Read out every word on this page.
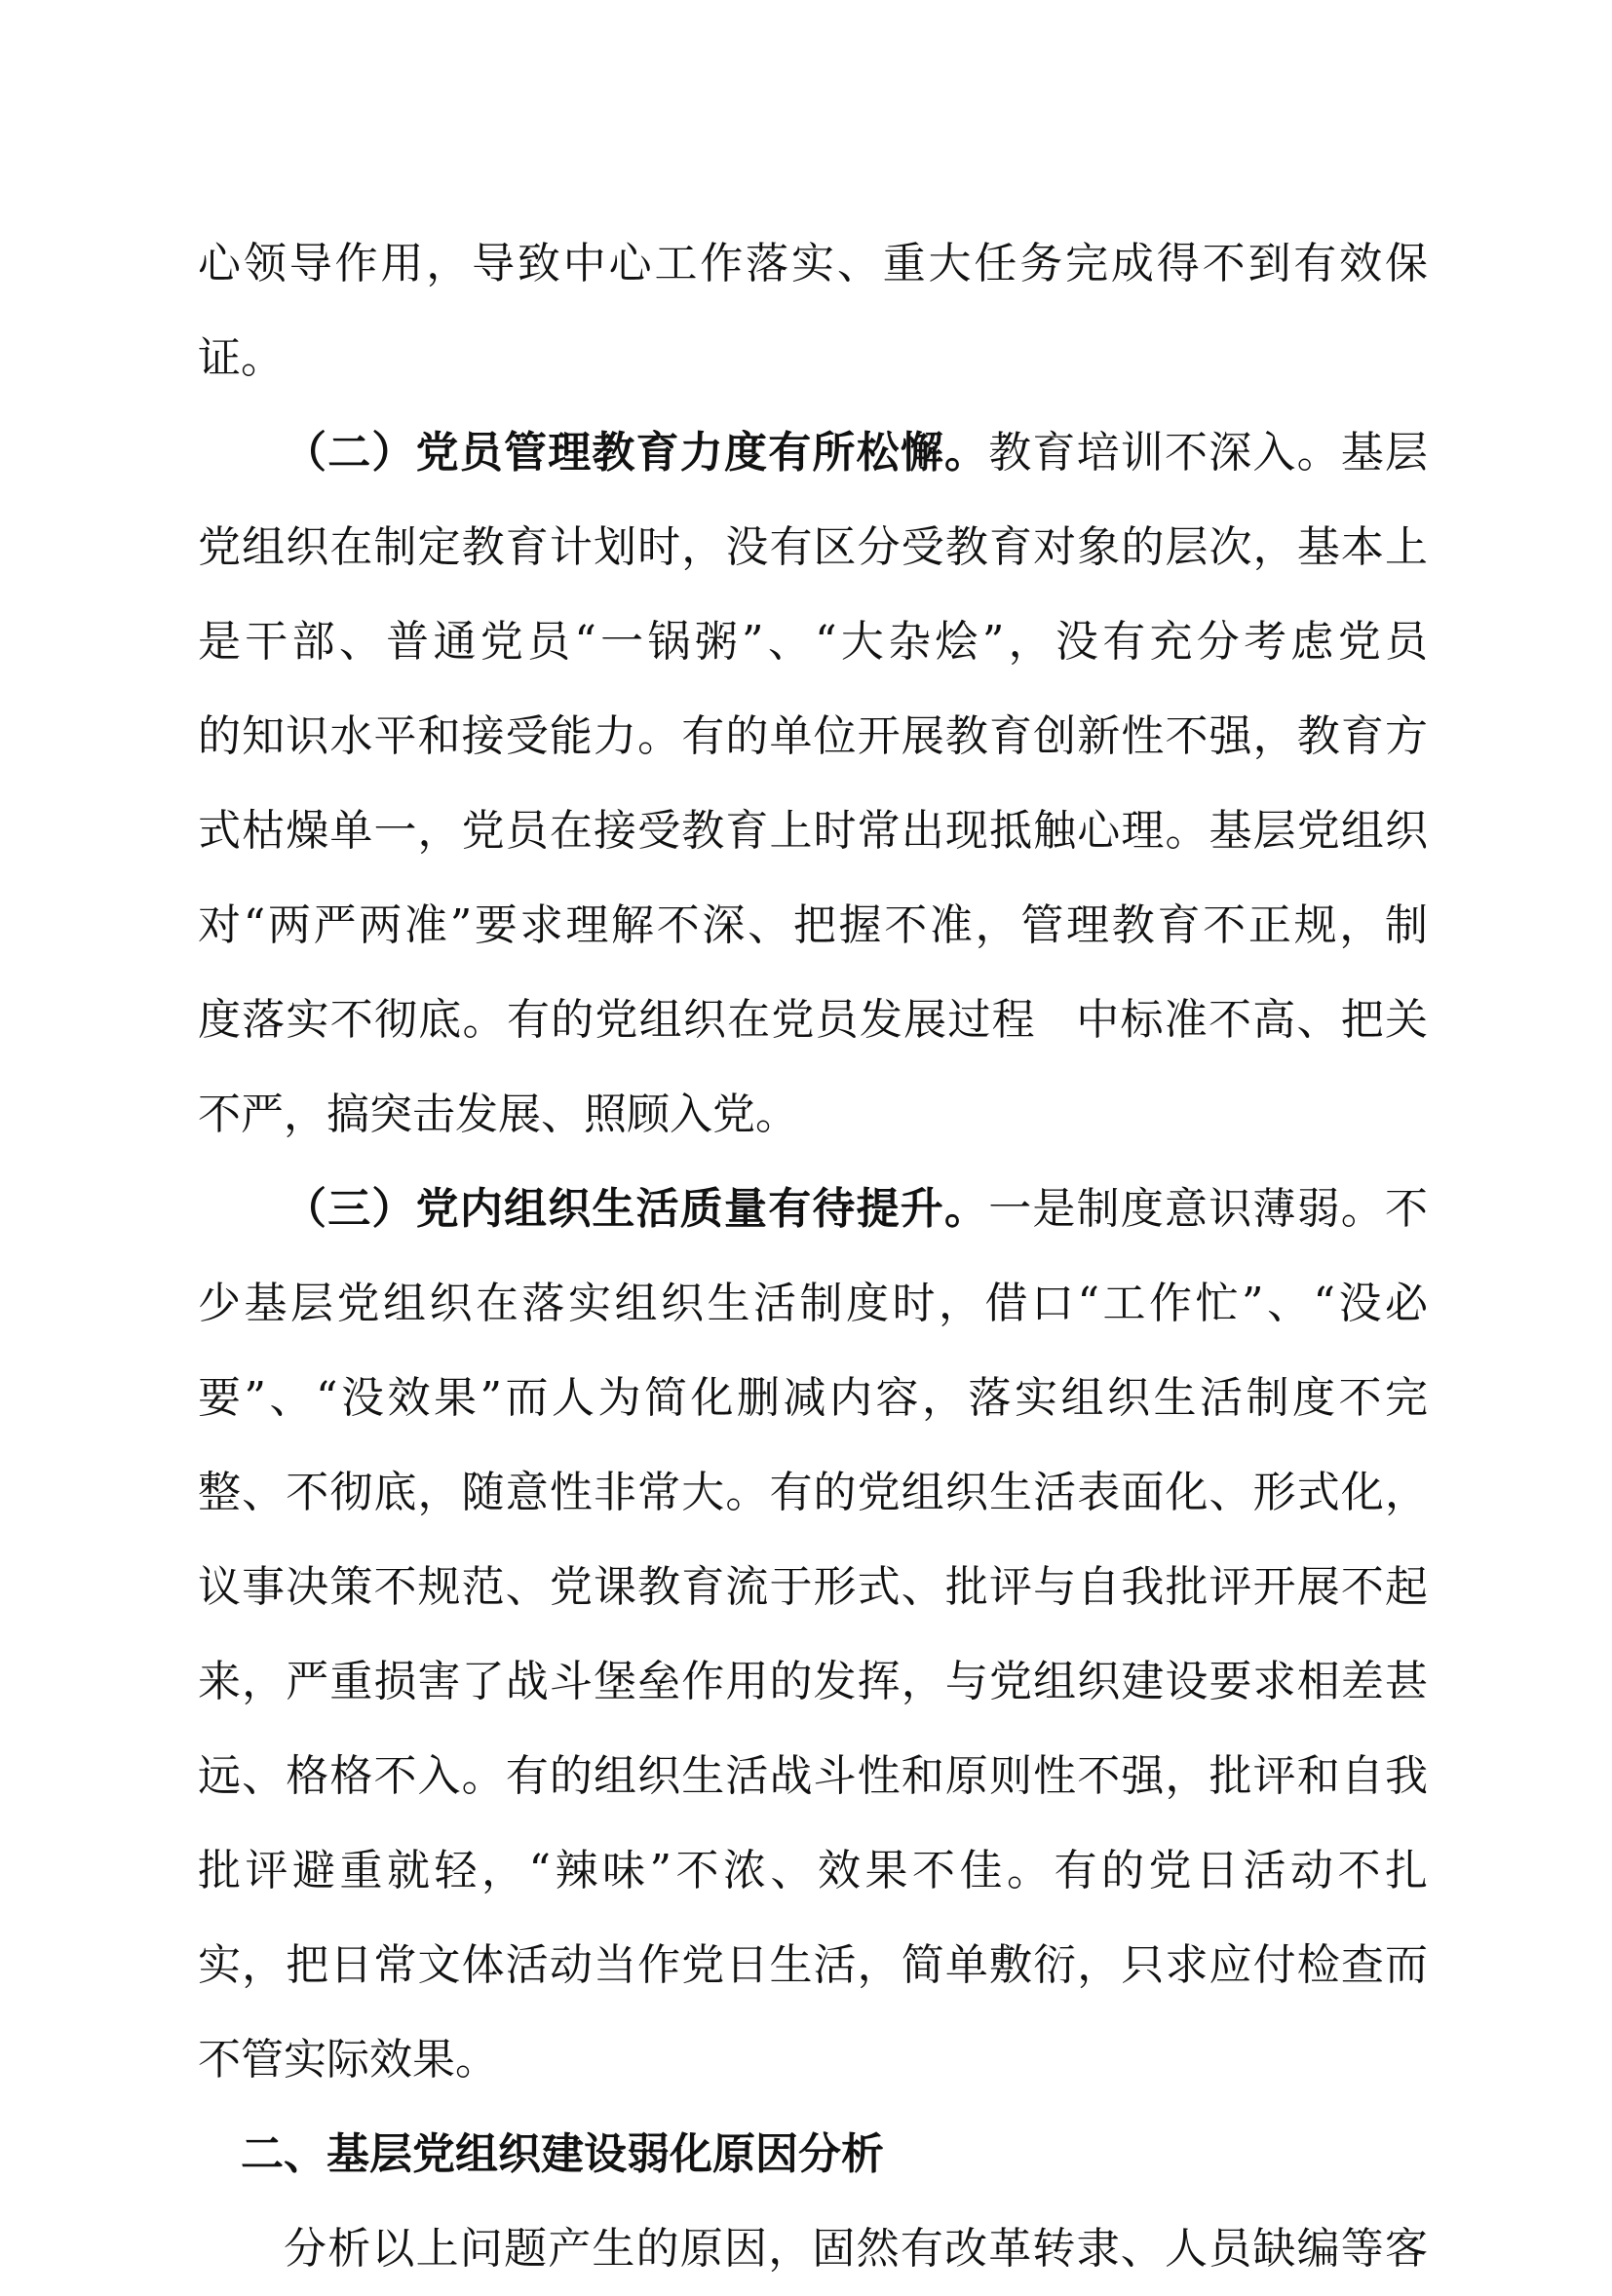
心领导作用，导致中心工作落实、重大任务完成得不到有效保
证。
（二）党员管理教育力度有所松懈。教育培训不深入。基层
党组织在制定教育计划时，没有区分受教育对象的层次，基本上
是干部、普通党员“一锅粥”、“大杂烩”，没有充分考虑党员
的知识水平和接受能力。有的单位开展教育创新性不强，教育方
式枯燥单一，党员在接受教育上时常出现抵触心理。基层党组织
对“两严两准”要求理解不深、把握不准，管理教育不正规，制
度落实不彻底。有的党组织在党员发展过程 中标准不高、把关
不严，搞突击发展、照顾入党。
（三）党内组织生活质量有待提升。一是制度意识薄弱。不
少基层党组织在落实组织生活制度时，借口“工作忙”、“没必
要”、“没效果”而人为简化删减内容，落实组织生活制度不完
整、不彻底，随意性非常大。有的党组织生活表面化、形式化，
议事决策不规范、党课教育流于形式、批评与自我批评开展不起
来，严重损害了战斗堡垒作用的发挥，与党组织建设要求相差甚
远、格格不入。有的组织生活战斗性和原则性不强，批评和自我
批评避重就轻，“辣味”不浓、效果不佳。有的党日活动不扎
实，把日常文体活动当作党日生活，简单敷衍，只求应付检查而
不管实际效果。
二、基层党组织建设弱化原因分析
分析以上问题产生的原因，固然有改革转隶、人员缺编等客
